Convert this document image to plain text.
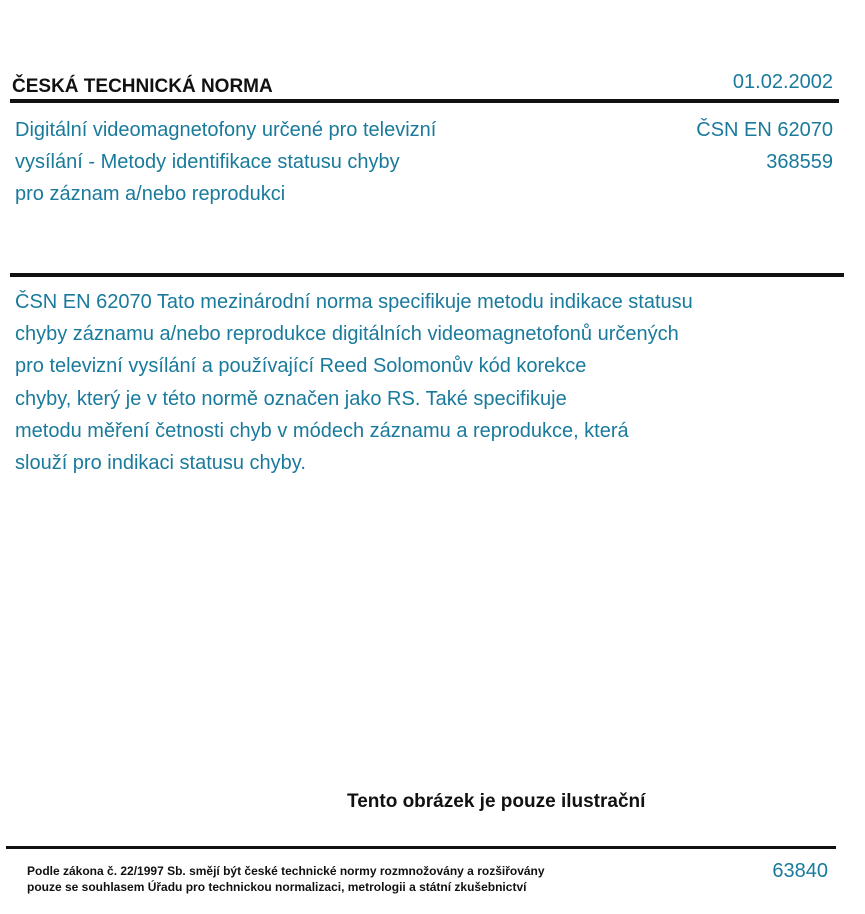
ČESKÁ TECHNICKÁ NORMA	01.02.2002
Digitální videomagnetofony určené pro televizní
vysílání - Metody identifikace statusu chyby
pro záznam a/nebo reprodukci
ČSN EN 62070
368559
ČSN EN 62070 Tato mezinárodní norma specifikuje metodu indikace statusu
chyby záznamu a/nebo reprodukce digitálních videomagnetofonů určených
pro televizní vysílání a používající Reed Solomonův kód korekce
chyby, který je v této normě označen jako RS. Také specifikuje
metodu měření četnosti chyb v módech záznamu a reprodukce, která
slouží pro indikaci statusu chyby.
Tento obrázek je pouze ilustrační
Podle zákona č. 22/1997 Sb. smějí být české technické normy rozmnožovány a rozšiřovány
pouze se souhlasem Úřadu pro technickou normalizaci, metrologii a státní zkušebnictví
63840
